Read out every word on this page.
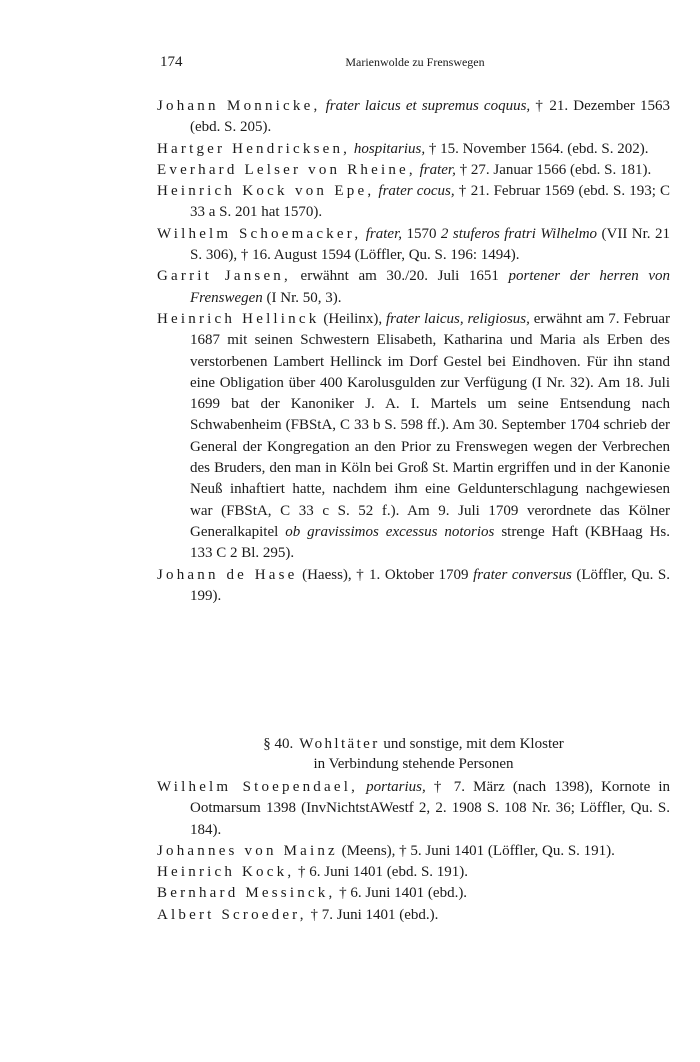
174	Marienwolde zu Frenswegen

Johann Monnicke, frater laicus et supremus coquus, † 21. Dezember 1563 (ebd. S. 205).

Hartger Hendricksen, hospitarius, † 15. November 1564. (ebd. S. 202).

Everhard Lelser von Rheine, frater, † 27. Januar 1566 (ebd. S. 181).

Heinrich Kock von Epe, frater cocus, † 21. Februar 1569 (ebd. S. 193; C 33 a S. 201 hat 1570).

Wilhelm Schoemacker, frater, 1570 2 stuferos fratri Wilhelmo (VII Nr. 21 S. 306), † 16. August 1594 (Löffler, Qu. S. 196: 1494).

Garrit Jansen, erwähnt am 30./20. Juli 1651 portener der herren von Frenswegen (I Nr. 50, 3).

Heinrich Hellinck (Heilinx), frater laicus, religiosus, erwähnt am 7. Februar 1687 mit seinen Schwestern Elisabeth, Katharina und Maria als Erben des verstorbenen Lambert Hellinck im Dorf Gestel bei Eindhoven. Für ihn stand eine Obligation über 400 Karolusgulden zur Verfügung (I Nr. 32). Am 18. Juli 1699 bat der Kanoniker J. A. I. Martels um seine Entsendung nach Schwabenheim (FBStA, C 33 b S. 598 ff.). Am 30. September 1704 schrieb der General der Kongregation an den Prior zu Frenswegen wegen der Verbrechen des Bruders, den man in Köln bei Groß St. Martin ergriffen und in der Kanonie Neuß inhaftiert hatte, nachdem ihm eine Geldunterschlagung nachgewiesen war (FBStA, C 33 c S. 52 f.). Am 9. Juli 1709 verordnete das Kölner Generalkapitel ob gravissimos excessus notorios strenge Haft (KBHaag Hs. 133 C 2 Bl. 295).

Johann de Hase (Haess), † 1. Oktober 1709 frater conversus (Löffler, Qu. S. 199).

§ 40. Wohltäter und sonstige, mit dem Kloster
in Verbindung stehende Personen

Wilhelm Stoependael, portarius, † 7. März (nach 1398), Kornote in Ootmarsum 1398 (InvNichtstAWestf 2, 2. 1908 S. 108 Nr. 36; Löffler, Qu. S. 184).

Johannes von Mainz (Meens), † 5. Juni 1401 (Löffler, Qu. S. 191).

Heinrich Kock, † 6. Juni 1401 (ebd. S. 191).

Bernhard Messinck, † 6. Juni 1401 (ebd.).

Albert Scroeder, † 7. Juni 1401 (ebd.).
